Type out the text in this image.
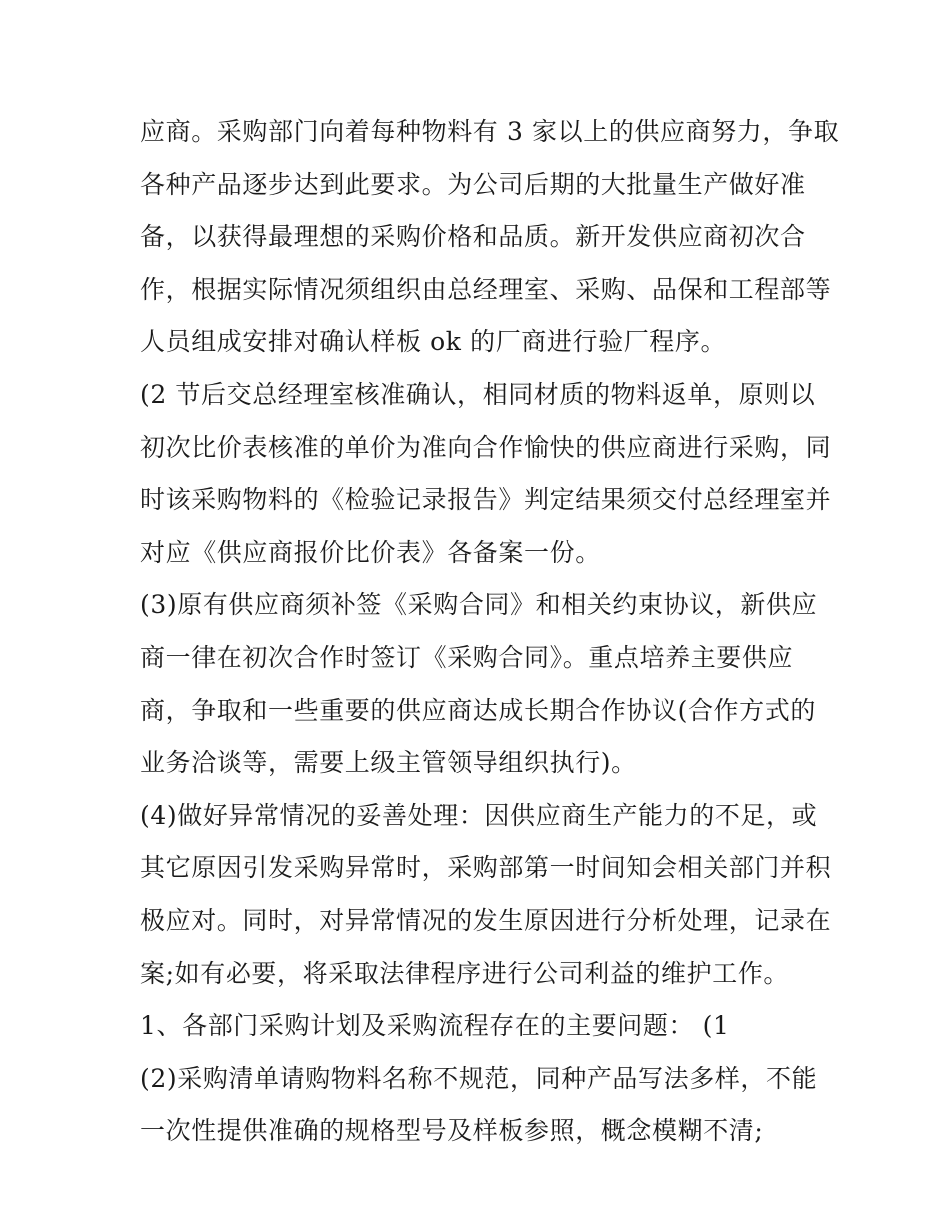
应商。采购部门向着每种物料有 3 家以上的供应商努力，争取
各种产品逐步达到此要求。为公司后期的大批量生产做好准
备，以获得最理想的采购价格和品质。新开发供应商初次合
作，根据实际情况须组织由总经理室、采购、品保和工程部等
人员组成安排对确认样板 ok 的厂商进行验厂程序。
(2 节后交总经理室核准确认，相同材质的物料返单，原则以
初次比价表核准的单价为准向合作愉快的供应商进行采购，同
时该采购物料的《检验记录报告》判定结果须交付总经理室并
对应《供应商报价比价表》各备案一份。
(3)原有供应商须补签《采购合同》和相关约束协议，新供应
商一律在初次合作时签订《采购合同》。重点培养主要供应
商，争取和一些重要的供应商达成长期合作协议(合作方式的
业务洽谈等，需要上级主管领导组织执行)。
(4)做好异常情况的妥善处理：因供应商生产能力的不足，或
其它原因引发采购异常时，采购部第一时间知会相关部门并积
极应对。同时，对异常情况的发生原因进行分析处理，记录在
案;如有必要，将采取法律程序进行公司利益的维护工作。
1、各部门采购计划及采购流程存在的主要问题： (1
(2)采购清单请购物料名称不规范，同种产品写法多样，不能
一次性提供准确的规格型号及样板参照，概念模糊不清;
